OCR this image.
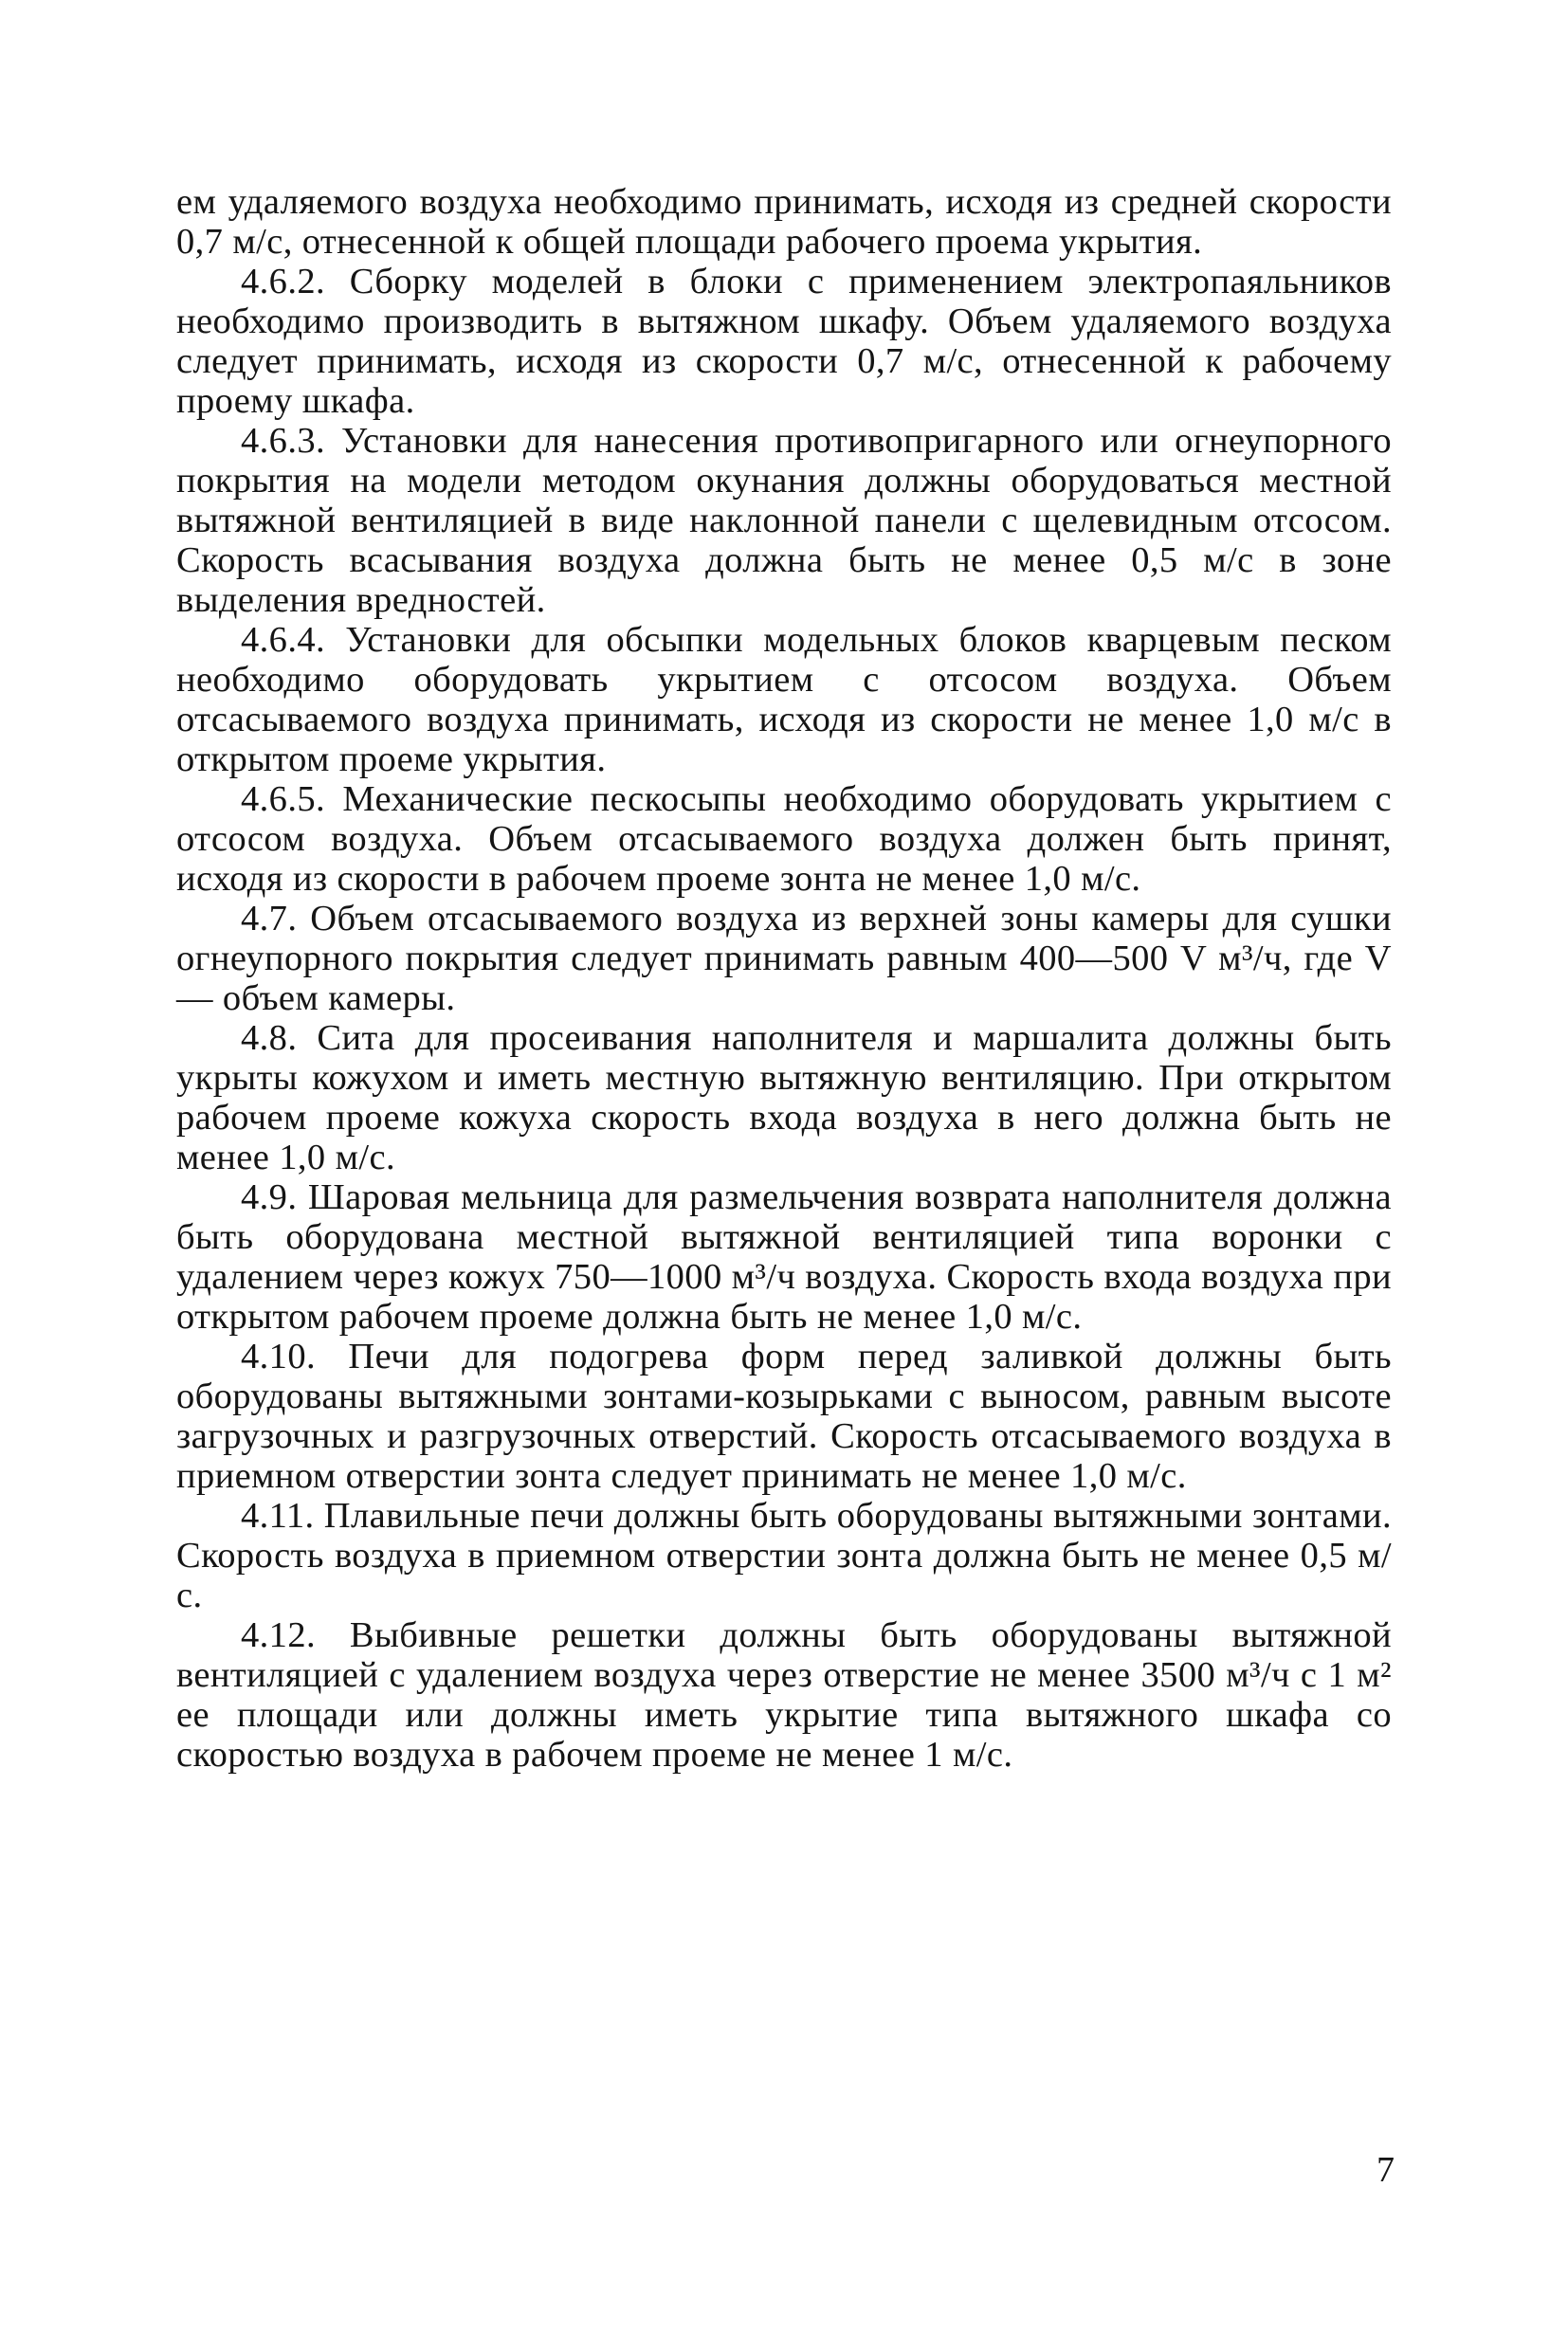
ем удаляемого воздуха необходимо принимать, исходя из средней скорости 0,7 м/с, отнесенной к общей площади рабочего проема укрытия.

4.6.2. Сборку моделей в блоки с применением электропаяльников необходимо производить в вытяжном шкафу. Объем удаляемого воздуха следует принимать, исходя из скорости 0,7 м/с, отнесенной к рабочему проему шкафа.

4.6.3. Установки для нанесения противопригарного или огнеупорного покрытия на модели методом окунания должны оборудоваться местной вытяжной вентиляцией в виде наклонной панели с щелевидным отсосом. Скорость всасывания воздуха должна быть не менее 0,5 м/с в зоне выделения вредностей.

4.6.4. Установки для обсыпки модельных блоков кварцевым песком необходимо оборудовать укрытием с отсосом воздуха. Объем отсасываемого воздуха принимать, исходя из скорости не менее 1,0 м/с в открытом проеме укрытия.

4.6.5. Механические пескосыпы необходимо оборудовать укрытием с отсосом воздуха. Объем отсасываемого воздуха должен быть принят, исходя из скорости в рабочем проеме зонта не менее 1,0 м/с.

4.7. Объем отсасываемого воздуха из верхней зоны камеры для сушки огнеупорного покрытия следует принимать равным 400—500 V м³/ч, где V — объем камеры.

4.8. Сита для просеивания наполнителя и маршалита должны быть укрыты кожухом и иметь местную вытяжную вентиляцию. При открытом рабочем проеме кожуха скорость входа воздуха в него должна быть не менее 1,0 м/с.

4.9. Шаровая мельница для размельчения возврата наполнителя должна быть оборудована местной вытяжной вентиляцией типа воронки с удалением через кожух 750—1000 м³/ч воздуха. Скорость входа воздуха при открытом рабочем проеме должна быть не менее 1,0 м/с.

4.10. Печи для подогрева форм перед заливкой должны быть оборудованы вытяжными зонтами-козырьками с выносом, равным высоте загрузочных и разгрузочных отверстий. Скорость отсасываемого воздуха в приемном отверстии зонта следует принимать не менее 1,0 м/с.

4.11. Плавильные печи должны быть оборудованы вытяжными зонтами. Скорость воздуха в приемном отверстии зонта должна быть не менее 0,5 м/с.

4.12. Выбивные решетки должны быть оборудованы вытяжной вентиляцией с удалением воздуха через отверстие не менее 3500 м³/ч с 1 м² ее площади или должны иметь укрытие типа вытяжного шкафа со скоростью воздуха в рабочем проеме не менее 1 м/с.

7
